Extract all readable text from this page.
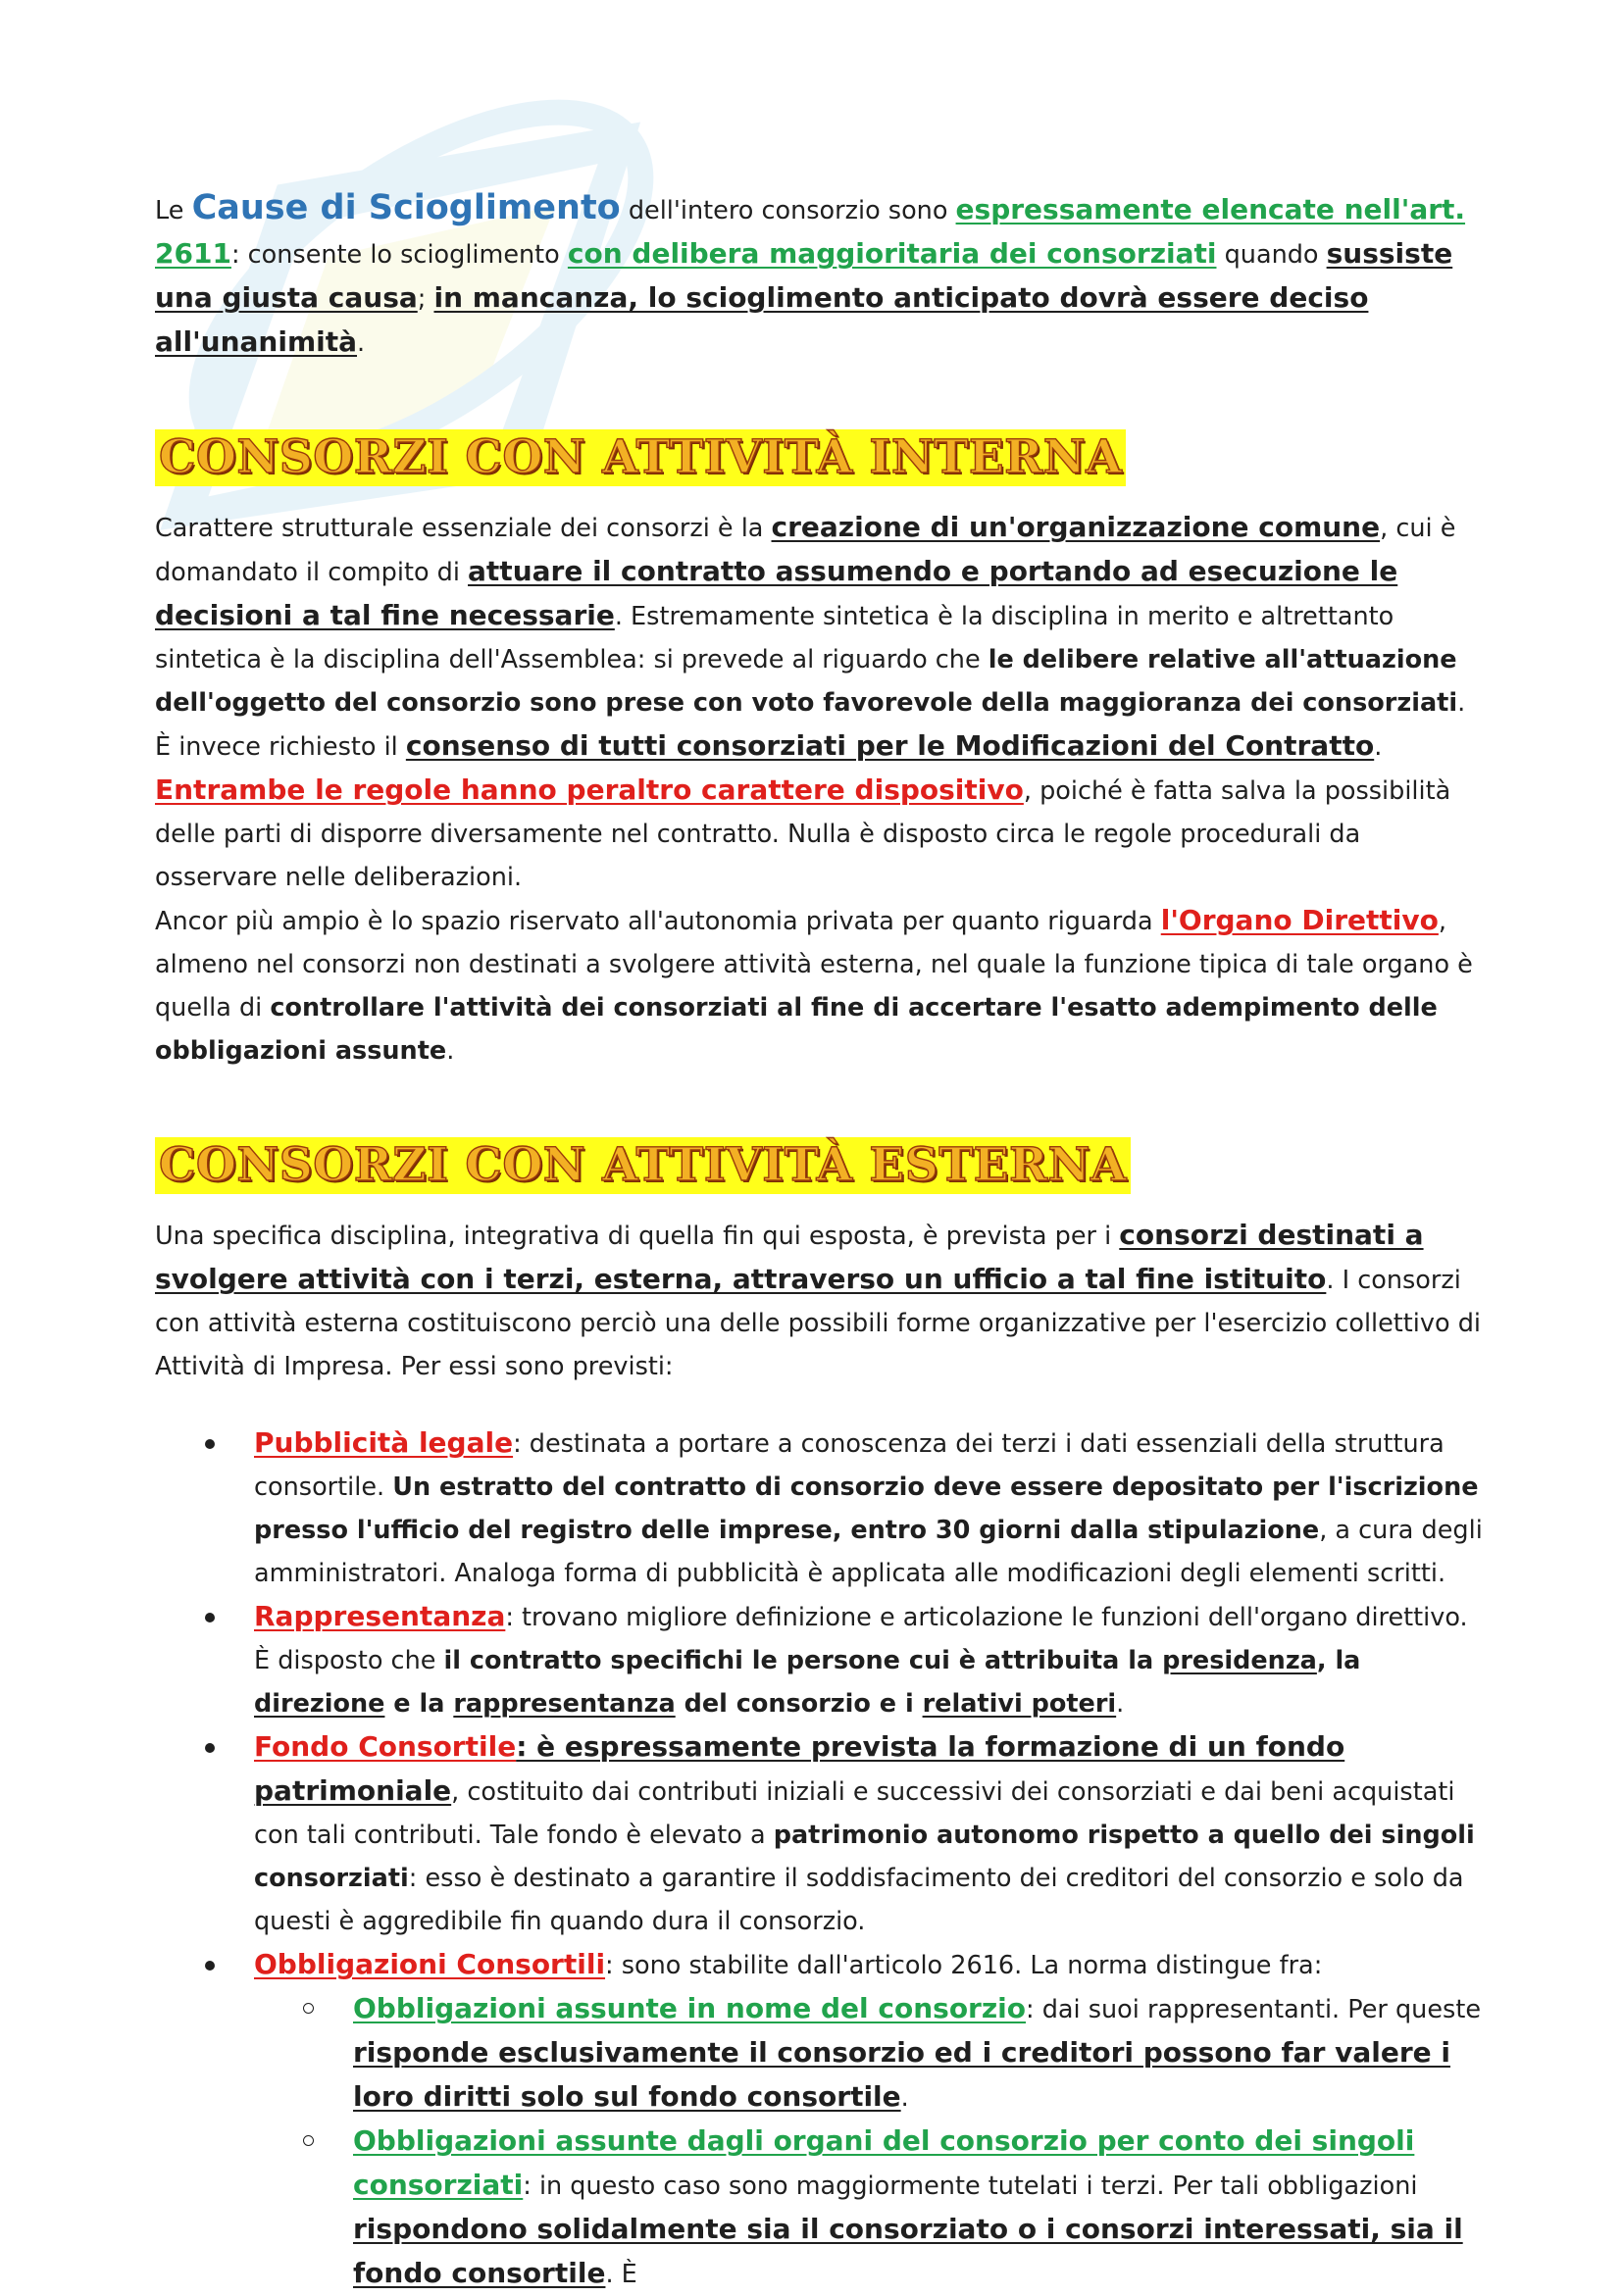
Le Cause di Scioglimento dell'intero consorzio sono espressamente elencate nell'art. 2611: consente lo scioglimento con delibera maggioritaria dei consorziati quando sussiste una giusta causa; in mancanza, lo scioglimento anticipato dovrà essere deciso all'unanimità.

CONSORZI CON ATTIVITÀ INTERNA

Carattere strutturale essenziale dei consorzi è la creazione di un'organizzazione comune, cui è domandato il compito di attuare il contratto assumendo e portando ad esecuzione le decisioni a tal fine necessarie. Estremamente sintetica è la disciplina in merito e altrettanto sintetica è la disciplina dell'Assemblea: si prevede al riguardo che le delibere relative all'attuazione dell'oggetto del consorzio sono prese con voto favorevole della maggioranza dei consorziati. È invece richiesto il consenso di tutti consorziati per le Modificazioni del Contratto. Entrambe le regole hanno peraltro carattere dispositivo, poiché è fatta salva la possibilità delle parti di disporre diversamente nel contratto. Nulla è disposto circa le regole procedurali da osservare nelle deliberazioni.

Ancor più ampio è lo spazio riservato all'autonomia privata per quanto riguarda l'Organo Direttivo, almeno nel consorzi non destinati a svolgere attività esterna, nel quale la funzione tipica di tale organo è quella di controllare l'attività dei consorziati al fine di accertare l'esatto adempimento delle obbligazioni assunte.

CONSORZI CON ATTIVITÀ ESTERNA

Una specifica disciplina, integrativa di quella fin qui esposta, è prevista per i consorzi destinati a svolgere attività con i terzi, esterna, attraverso un ufficio a tal fine istituito. I consorzi con attività esterna costituiscono perciò una delle possibili forme organizzative per l'esercizio collettivo di Attività di Impresa. Per essi sono previsti:

Pubblicità legale: destinata a portare a conoscenza dei terzi i dati essenziali della struttura consortile. Un estratto del contratto di consorzio deve essere depositato per l'iscrizione presso l'ufficio del registro delle imprese, entro 30 giorni dalla stipulazione, a cura degli amministratori. Analoga forma di pubblicità è applicata alle modificazioni degli elementi scritti.

Rappresentanza: trovano migliore definizione e articolazione le funzioni dell'organo direttivo. È disposto che il contratto specifichi le persone cui è attribuita la presidenza, la direzione e la rappresentanza del consorzio e i relativi poteri.

Fondo Consortile: è espressamente prevista la formazione di un fondo patrimoniale, costituito dai contributi iniziali e successivi dei consorziati e dai beni acquistati con tali contributi. Tale fondo è elevato a patrimonio autonomo rispetto a quello dei singoli consorziati: esso è destinato a garantire il soddisfacimento dei creditori del consorzio e solo da questi è aggredibile fin quando dura il consorzio.

Obbligazioni Consortili: sono stabilite dall'articolo 2616. La norma distingue fra:

Obbligazioni assunte in nome del consorzio: dai suoi rappresentanti. Per queste risponde esclusivamente il consorzio ed i creditori possono far valere i loro diritti solo sul fondo consortile.

Obbligazioni assunte dagli organi del consorzio per conto dei singoli consorziati: in questo caso sono maggiormente tutelati i terzi. Per tali obbligazioni rispondono solidalmente sia il consorziato o i consorzi interessati, sia il fondo consortile. È
